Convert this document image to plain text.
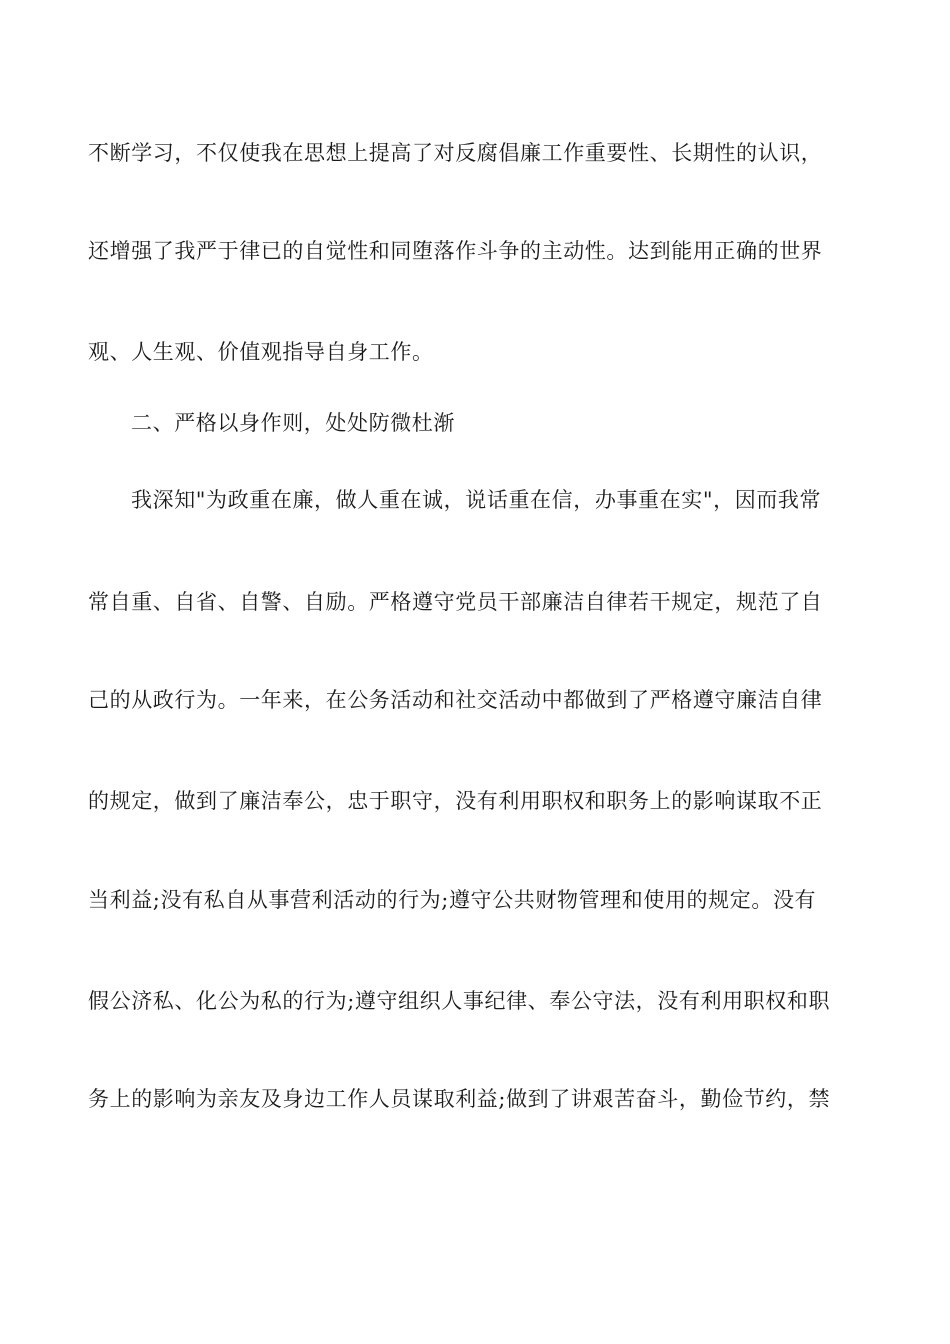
不断学习，不仅使我在思想上提高了对反腐倡廉工作重要性、长期性的认识，
还增强了我严于律已的自觉性和同堕落作斗争的主动性。达到能用正确的世界
观、人生观、价值观指导自身工作。
二、严格以身作则，处处防微杜渐
我深知"为政重在廉，做人重在诚，说话重在信，办事重在实"，因而我常
常自重、自省、自警、自励。严格遵守党员干部廉洁自律若干规定，规范了自
己的从政行为。一年来，在公务活动和社交活动中都做到了严格遵守廉洁自律
的规定，做到了廉洁奉公，忠于职守，没有利用职权和职务上的影响谋取不正
当利益;没有私自从事营利活动的行为;遵守公共财物管理和使用的规定。没有
假公济私、化公为私的行为;遵守组织人事纪律、奉公守法，没有利用职权和职
务上的影响为亲友及身边工作人员谋取利益;做到了讲艰苦奋斗，勤俭节约，禁
